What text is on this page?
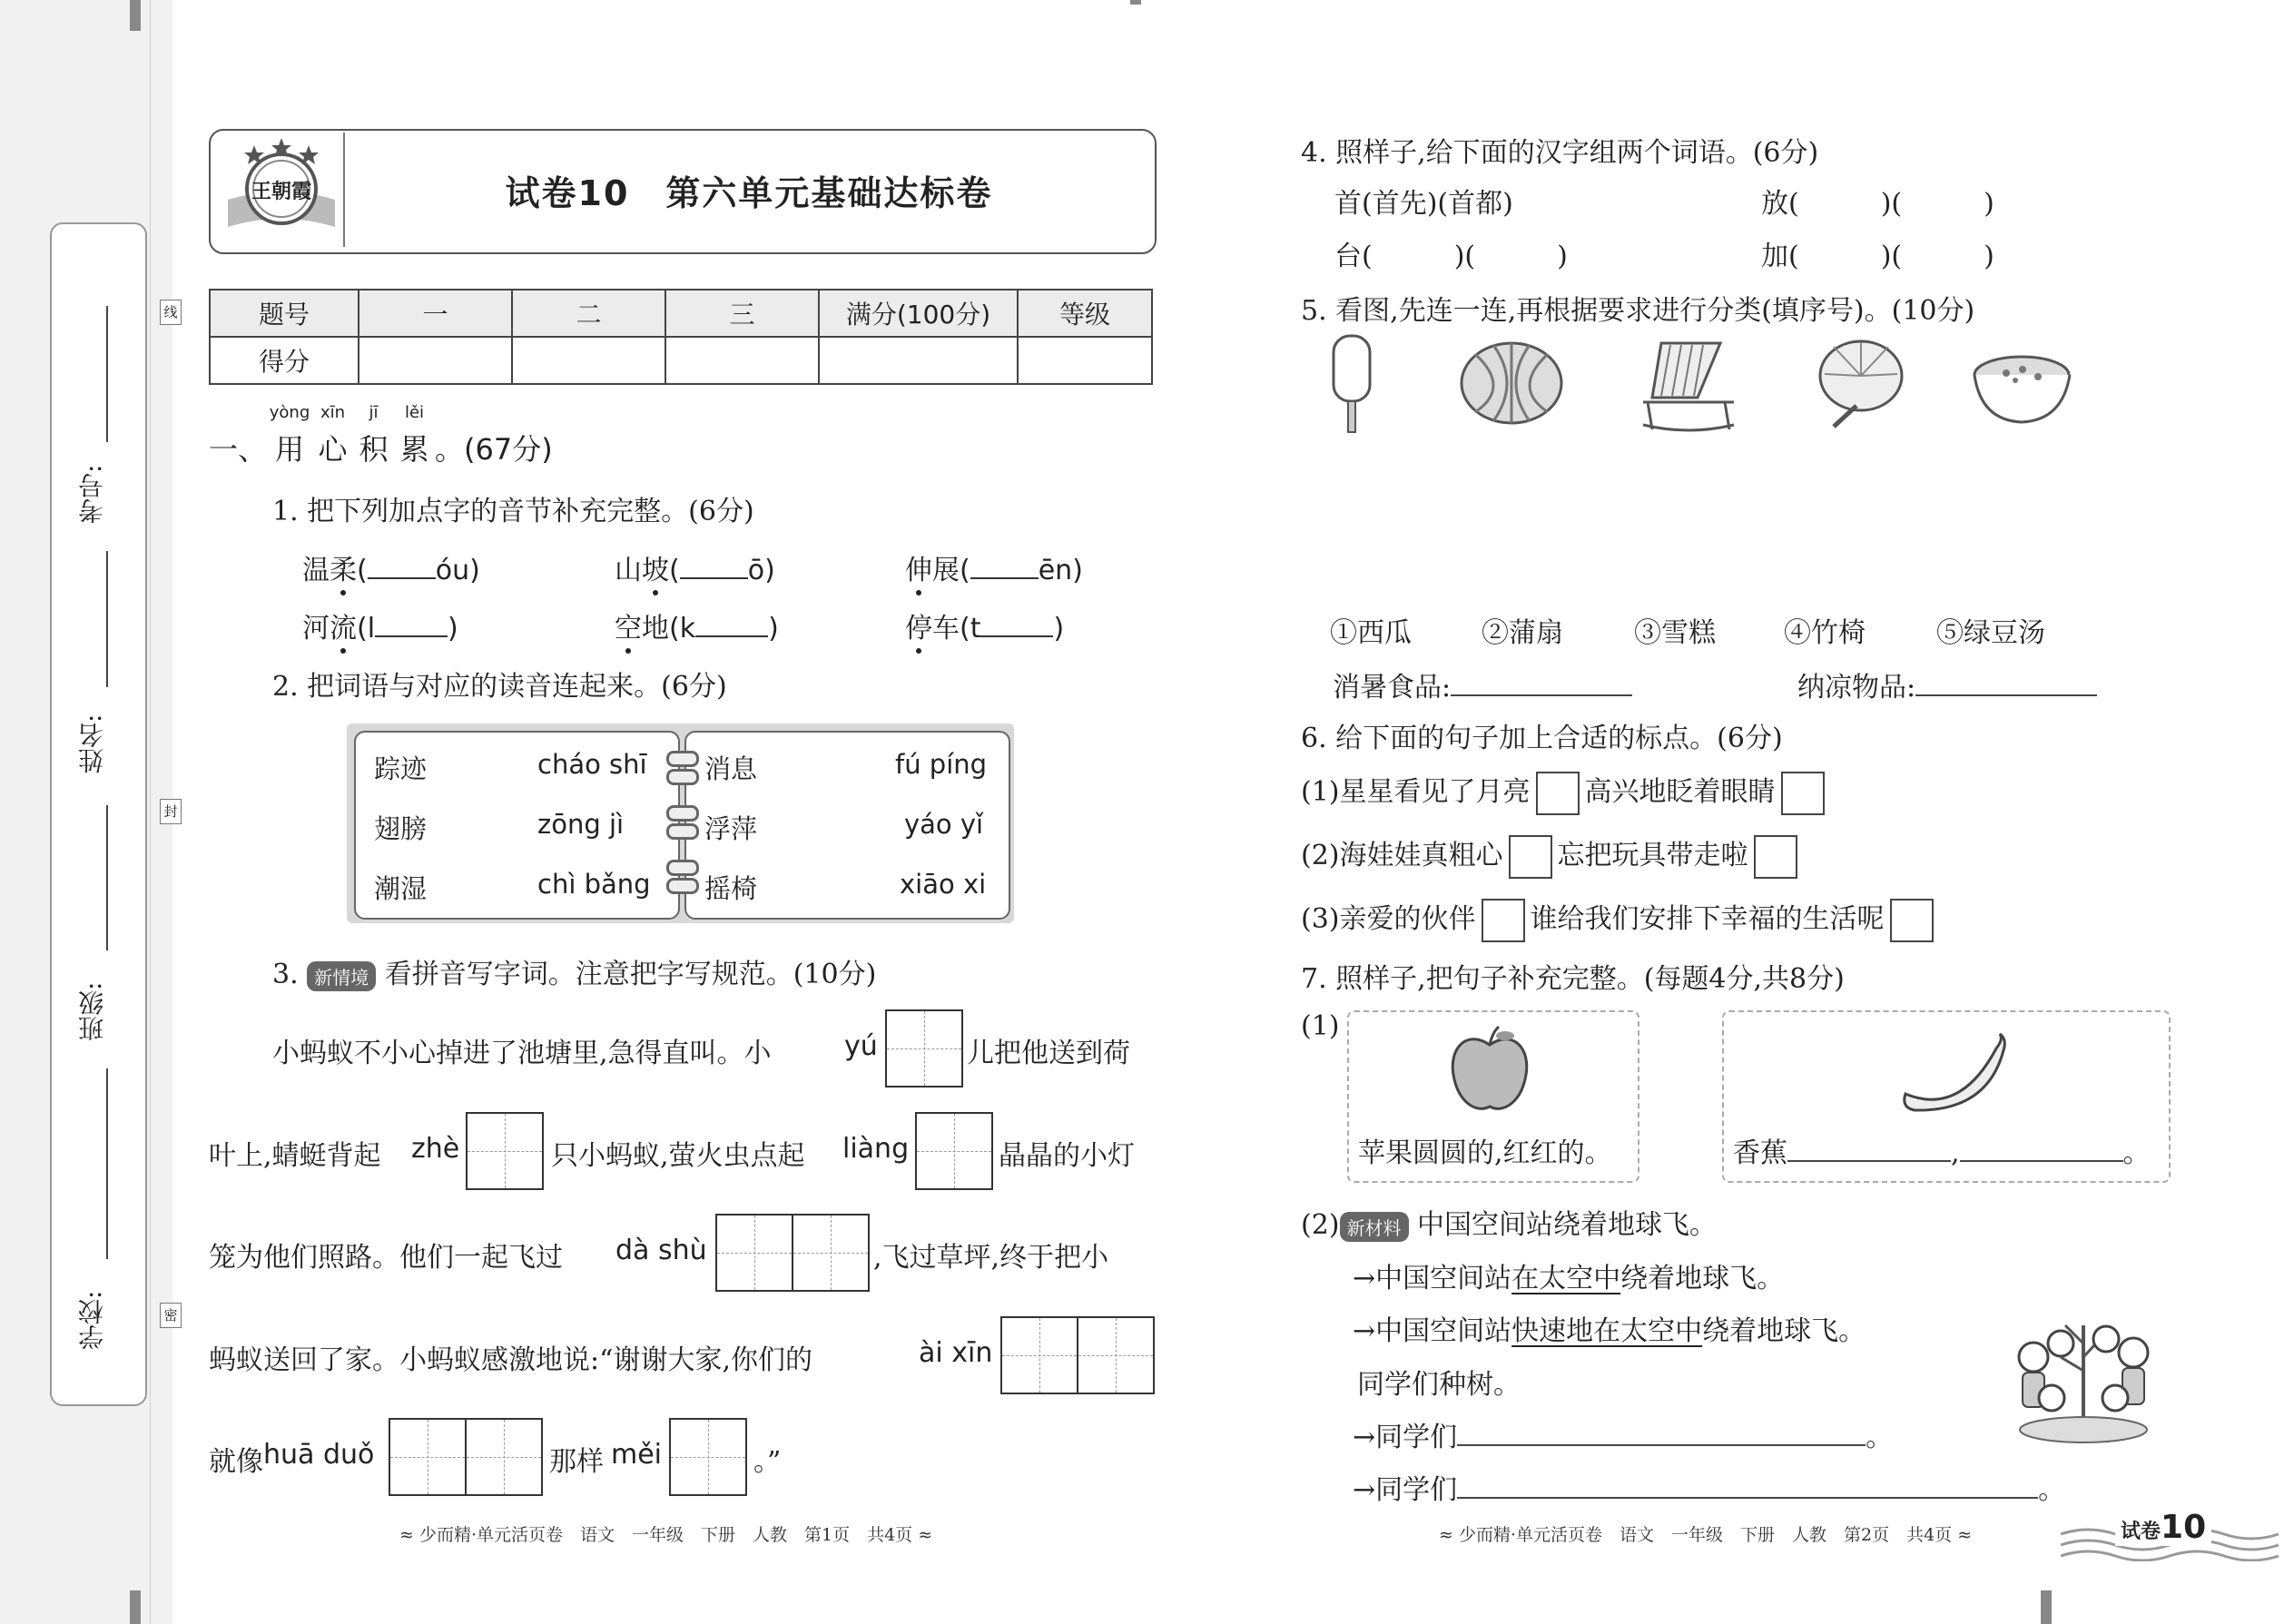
考号:
姓名:
班级:
学校:
线
封
密
王朝霞	试卷10　第六单元基础达标卷
题号	一	二	三	满分(100分)	等级
得分					
一、
yòng
用
xīn
心
jī
积
lěi
累 。(67分)
1. 把下列加点字的音节补充完整。(6分)
温柔(	óu)	山坡(	ō)	伸展(	ēn)
河流(l	)	空地(k	)	停车(t	)
2. 把词语与对应的读音连起来。(6分)
踪迹	cháo shī
翅膀	zōng jì
潮湿	chì bǎng
消息	fú píng
浮萍	yáo yǐ
摇椅	xiāo xi
3. 新情境 看拼音写字词。注意把字写规范。(10分)
小蚂蚁不小心掉进了池塘里,急得直叫。小	yú	儿把他送到荷
叶上,蜻蜓背起 zhè	只小蚂蚁,萤火虫点起 liàng	晶晶的小灯
笼为他们照路。他们一起飞过 dà shù	,飞过草坪,终于把小
蚂蚁送回了家。小蚂蚁感激地说:“谢谢大家,你们的	ài xīn
就像 huā duǒ	那样 měi	。”
≈ 少而精·单元活页卷　语文　一年级　下册　人教　第1页　共4页 ≈
4. 照样子,给下面的汉字组两个词语。(6分)
首(首先)(首都)	放(　　　)(　　　)
台(　　　)(　　　)	加(　　　)(　　　)
5. 看图,先连一连,再根据要求进行分类(填序号)。(10分)
①西瓜	②蒲扇	③雪糕	④竹椅	⑤绿豆汤
消暑食品:	纳凉物品:
6. 给下面的句子加上合适的标点。(6分)
(1)星星看见了月亮 高兴地眨着眼睛
(2)海娃娃真粗心 忘把玩具带走啦
(3)亲爱的伙伴 谁给我们安排下幸福的生活呢
7. 照样子,把句子补充完整。(每题4分,共8分)
(1)
苹果圆圆的,红红的。	香蕉	,	。
(2) 新材料 中国空间站绕着地球飞。
→中国空间站在太空中绕着地球飞。
→中国空间站快速地在太空中绕着地球飞。
同学们种树。
→同学们	。
→同学们	。
≈ 少而精·单元活页卷　语文　一年级　下册　人教　第2页　共4页 ≈	试卷10
